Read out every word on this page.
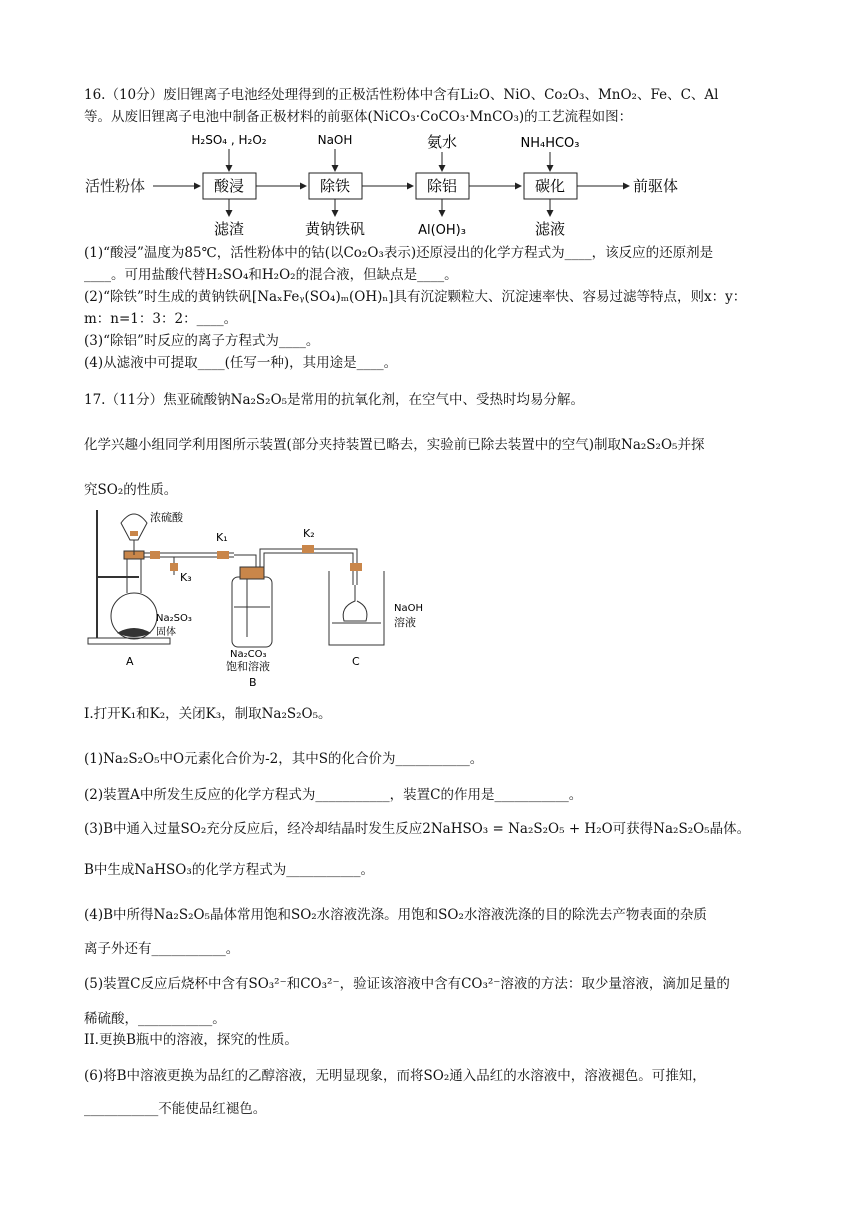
16.（10分）废旧锂离子电池经处理得到的正极活性粉体中含有Li₂O、NiO、Co₂O₃、MnO₂、Fe、C、Al
等。从废旧锂离子电池中制备正极材料的前驱体(NiCO₃·CoCO₃·MnCO₃)的工艺流程如图：
活性粉体	酸浸	除铁	除铝	碳化	前驱体
H₂SO₄ , H₂O₂	NaOH	氨水	NH₄HCO₃
滤渣	黄钠铁矾	Al(OH)₃	滤液
(1)“酸浸”温度为85℃，活性粉体中的钴(以Co₂O₃表示)还原浸出的化学方程式为____，该反应的还原剂是
____。可用盐酸代替H₂SO₄和H₂O₂的混合液，但缺点是____。
(2)“除铁”时生成的黄钠铁矾[NaₓFeᵧ(SO₄)ₘ(OH)ₙ]具有沉淀颗粒大、沉淀速率快、容易过滤等特点，则x：y：
m：n=1：3：2：____。
(3)“除铝”时反应的离子方程式为____。
(4)从滤液中可提取____(任写一种)，其用途是____。
17.（11分）焦亚硫酸钠Na₂S₂O₅是常用的抗氧化剂，在空气中、受热时均易分解。
化学兴趣小组同学利用图所示装置(部分夹持装置已略去，实验前已除去装置中的空气)制取Na₂S₂O₅并探
究SO₂的性质。
浓硫酸
K₁	K₂
K₃
Na₂SO₃
固体
Na₂CO₃
饱和溶液
NaOH
溶液
A
B
C
I.打开K₁和K₂，关闭K₃，制取Na₂S₂O₅。
(1)Na₂S₂O₅中O元素化合价为-2，其中S的化合价为___________。
(2)装置A中所发生反应的化学方程式为___________，装置C的作用是___________。
(3)B中通入过量SO₂充分反应后，经冷却结晶时发生反应2NaHSO₃ = Na₂S₂O₅ + H₂O可获得Na₂S₂O₅晶体。
B中生成NaHSO₃的化学方程式为___________。
(4)B中所得Na₂S₂O₅晶体常用饱和SO₂水溶液洗涤。用饱和SO₂水溶液洗涤的目的除洗去产物表面的杂质
离子外还有___________。
(5)装置C反应后烧杯中含有SO₃²⁻和CO₃²⁻，验证该溶液中含有CO₃²⁻溶液的方法：取少量溶液，滴加足量的
稀硫酸，___________。
II.更换B瓶中的溶液，探究的性质。
(6)将B中溶液更换为品红的乙醇溶液，无明显现象，而将SO₂通入品红的水溶液中，溶液褪色。可推知，
___________不能使品红褪色。
